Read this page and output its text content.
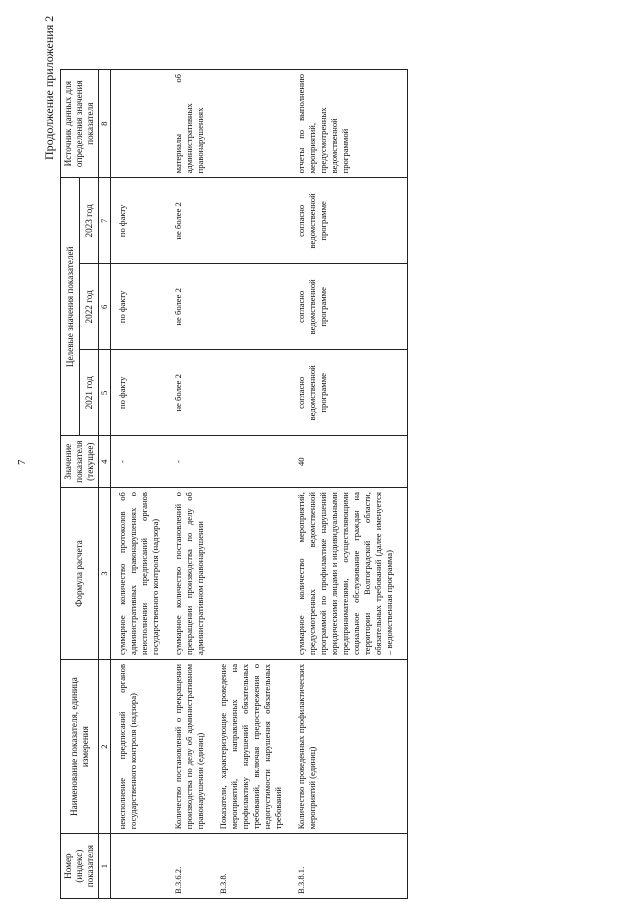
7
Продолжение приложения 2
Номер (индекс) показателя	Наименование показателя, единица измерения	Формула расчета	Значение показателя (текущее)	Целевые значения показателей			Источник данных для определения значения показателя
				2021 год	2022 год	2023 год	
1	2	3	4	5	6	7	8
	неисполнение предписаний органов государственного контроля (надзора)	суммарное количество протоколов об административных правонарушениях о неисполнении предписаний органов государственного контроля (надзора)	-	по факту	по факту	по факту	
В.3.6.2.	Количество постановлений о прекращении производства по делу об административном правонарушении (единиц)	суммарное количество постановлений о прекращении производства по делу об административном правонарушении	-	не более 2	не более 2	не более 2	материалы об административных правонарушениях
В.3.8.	Показатели, характеризующие проведение мероприятий, направленных на профилактику нарушений обязательных требований, включая предостережения о недопустимости нарушения обязательных требований						
В.3.8.1.	Количество проведенных профилактических мероприятий (единиц)	суммарное количество мероприятий, предусмотренных ведомственной программой по профилактике нарушений юридическими лицами и индивидуальными предпринимателями, осуществляющими социальное обслуживание граждан на территории Волгоградской области, обязательных требований (далее именуется – ведомственная программа)	40	согласно ведомственной программе	согласно ведомственной программе	согласно ведомственной программе	отчеты по выполнению мероприятий, предусмотренных ведомственной программой
